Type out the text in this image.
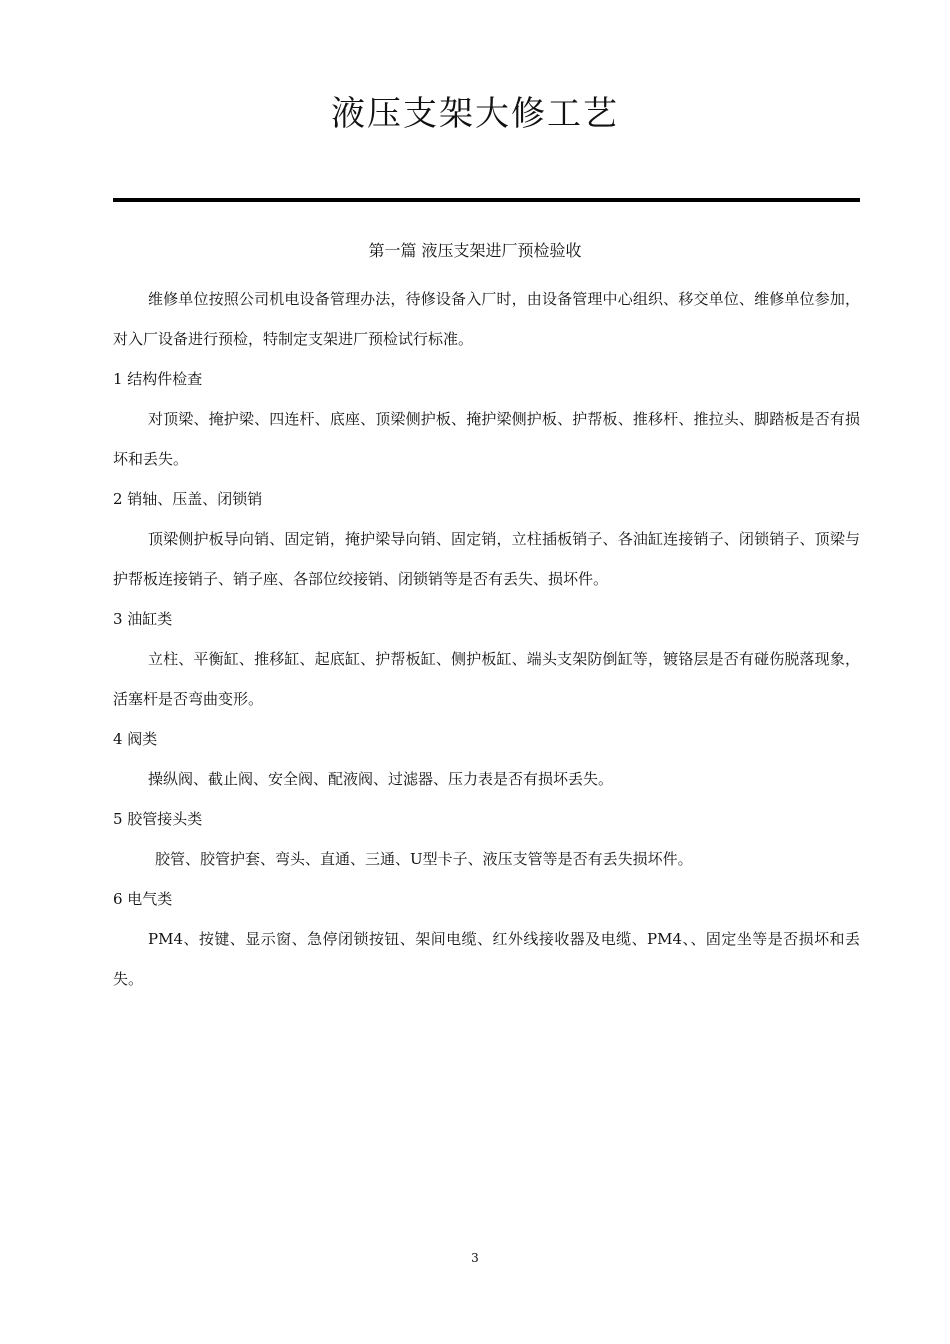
液压支架大修工艺
第一篇 液压支架进厂预检验收

维修单位按照公司机电设备管理办法，待修设备入厂时，由设备管理中心组织、移交单位、维修单位参加，对入厂设备进行预检，特制定支架进厂预检试行标准。

1 结构件检查

对顶梁、掩护梁、四连杆、底座、顶梁侧护板、掩护梁侧护板、护帮板、推移杆、推拉头、脚踏板是否有损坏和丢失。

2 销轴、压盖、闭锁销

顶梁侧护板导向销、固定销，掩护梁导向销、固定销，立柱插板销子、各油缸连接销子、闭锁销子、顶梁与护帮板连接销子、销子座、各部位绞接销、闭锁销等是否有丢失、损坏件。

3 油缸类

立柱、平衡缸、推移缸、起底缸、护帮板缸、侧护板缸、端头支架防倒缸等，镀铬层是否有碰伤脱落现象，活塞杆是否弯曲变形。

4 阀类

操纵阀、截止阀、安全阀、配液阀、过滤器、压力表是否有损坏丢失。

5 胶管接头类

胶管、胶管护套、弯头、直通、三通、U型卡子、液压支管等是否有丢失损坏件。

6 电气类

PM4、按键、显示窗、急停闭锁按钮、架间电缆、红外线接收器及电缆、PM4、、固定坐等是否损坏和丢失。

3
